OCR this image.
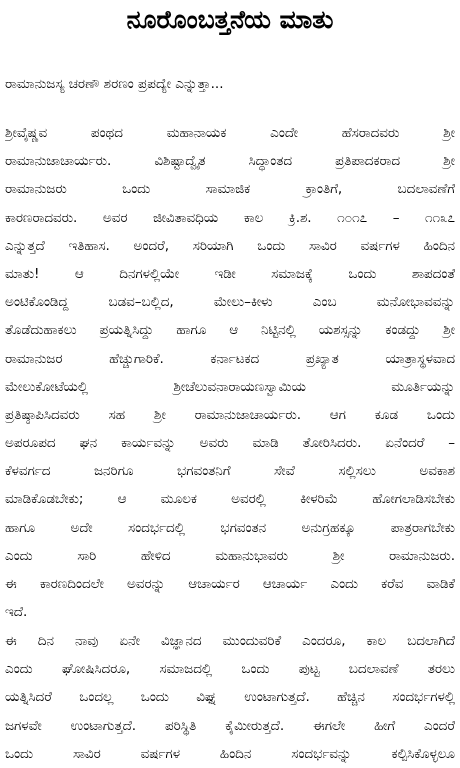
ನೂರೊಂಬತ್ತನೆಯ ಮಾತು

ರಾಮಾನುಜಸ್ಯ ಚರಣೌ ಶರಣಂ ಪ್ರಪದ್ಯೇ ಎನ್ನುತ್ತಾ...

ಶ್ರೀವೈಷ್ಣವ ಪಂಥದ ಮಹಾನಾಯಕ ಎಂದೇ ಹೆಸರಾದವರು ಶ್ರೀ
ರಾಮಾನುಜಾಚಾರ್ಯರು. ವಿಶಿಷ್ಟಾದ್ವೈತ ಸಿದ್ಧಾಂತದ ಪ್ರತಿಪಾದಕರಾದ ಶ್ರೀ
ರಾಮಾನುಜರು ಒಂದು ಸಾಮಾಜಿಕ ಕ್ರಾಂತಿಗೆ, ಬದಲಾವಣೆಗೆ
ಕಾರಣರಾದವರು. ಅವರ ಜೀವಿತಾವಧಿಯ ಕಾಲ ಕ್ರಿ.ಶ. ೧೦೧೭ – ೧೧೩೭
ಎನ್ನುತ್ತದೆ ಇತಿಹಾಸ. ಅಂದರೆ, ಸರಿಯಾಗಿ ಒಂದು ಸಾವಿರ ವರ್ಷಗಳ ಹಿಂದಿನ
ಮಾತು! ಆ ದಿನಗಳಲ್ಲಿಯೇ ಇಡೀ ಸಮಾಜಕ್ಕೆ ಒಂದು ಶಾಪದಂತೆ
ಅಂಟಿಕೊಂಡಿದ್ದ ಬಡವ–ಬಲ್ಲಿದ, ಮೇಲು–ಕೀಳು ಎಂಬ ಮನೋಭಾವವನ್ನು
ತೊಡೆದುಹಾಕಲು ಪ್ರಯತ್ನಿಸಿದ್ದು ಹಾಗೂ ಆ ನಿಟ್ಟಿನಲ್ಲಿ ಯಶಸ್ಸನ್ನು ಕಂಡದ್ದು ಶ್ರೀ
ರಾಮಾನುಜರ ಹೆಚ್ಚುಗಾರಿಕೆ. ಕರ್ನಾಟಕದ ಪ್ರಖ್ಯಾತ ಯಾತ್ರಾಸ್ಥಳವಾದ
ಮೇಲುಕೋಟೆಯಲ್ಲಿ ಶ್ರೀಚೆಲುವನಾರಾಯಣಸ್ವಾಮಿಯ ಮೂರ್ತಿಯನ್ನು
ಪ್ರತಿಷ್ಠಾಪಿಸಿದವರು ಸಹ ಶ್ರೀ ರಾಮಾನುಜಾಚಾರ್ಯರು. ಆಗ ಕೂಡ ಒಂದು
ಅಪರೂಪದ ಘನ ಕಾರ್ಯವನ್ನು ಅವರು ಮಾಡಿ ತೋರಿಸಿದರು. ಏನೆಂದರೆ –
ಕೆಳವರ್ಗದ ಜನರಿಗೂ ಭಗವಂತನಿಗೆ ಸೇವೆ ಸಲ್ಲಿಸಲು ಅವಕಾಶ
ಮಾಡಿಕೊಡಬೇಕು; ಆ ಮೂಲಕ ಅವರಲ್ಲಿ ಕೀಳರಿಮೆ ಹೋಗಲಾಡಿಸಬೇಕು
ಹಾಗೂ ಅದೇ ಸಂದರ್ಭದಲ್ಲಿ ಭಗವಂತನ ಅನುಗ್ರಹಕ್ಕೂ ಪಾತ್ರರಾಗಬೇಕು
ಎಂದು ಸಾರಿ ಹೇಳಿದ ಮಹಾನುಭಾವರು ಶ್ರೀ ರಾಮಾನುಜರು.
ಈ ಕಾರಣದಿಂದಲೇ ಅವರನ್ನು ಆಚಾರ್ಯರ ಆಚಾರ್ಯ ಎಂದು ಕರೆವ ವಾಡಿಕೆ
ಇದೆ.
ಈ ದಿನ ನಾವು ಏನೇ ವಿಜ್ಞಾನದ ಮುಂದುವರಿಕೆ ಎಂದರೂ, ಕಾಲ ಬದಲಾಗಿದೆ
ಎಂದು ಘೋಷಿಸಿದರೂ, ಸಮಾಜದಲ್ಲಿ ಒಂದು ಪುಟ್ಟ ಬದಲಾವಣೆ ತರಲು
ಯತ್ನಿಸಿದರೆ ಒಂದಲ್ಲ ಒಂದು ವಿಘ್ನ ಉಂಟಾಗುತ್ತದೆ. ಹೆಚ್ಚಿನ ಸಂದರ್ಭಗಳಲ್ಲಿ
ಜಗಳವೇ ಉಂಟಾಗುತ್ತದೆ. ಪರಿಸ್ಥಿತಿ ಕೈಮೀರುತ್ತದೆ. ಈಗಲೇ ಹೀಗೆ ಎಂದರೆ
ಒಂದು ಸಾವಿರ ವರ್ಷಗಳ ಹಿಂದಿನ ಸಂದರ್ಭವನ್ನು ಕಲ್ಪಿಸಿಕೊಳ್ಳಲೂ
